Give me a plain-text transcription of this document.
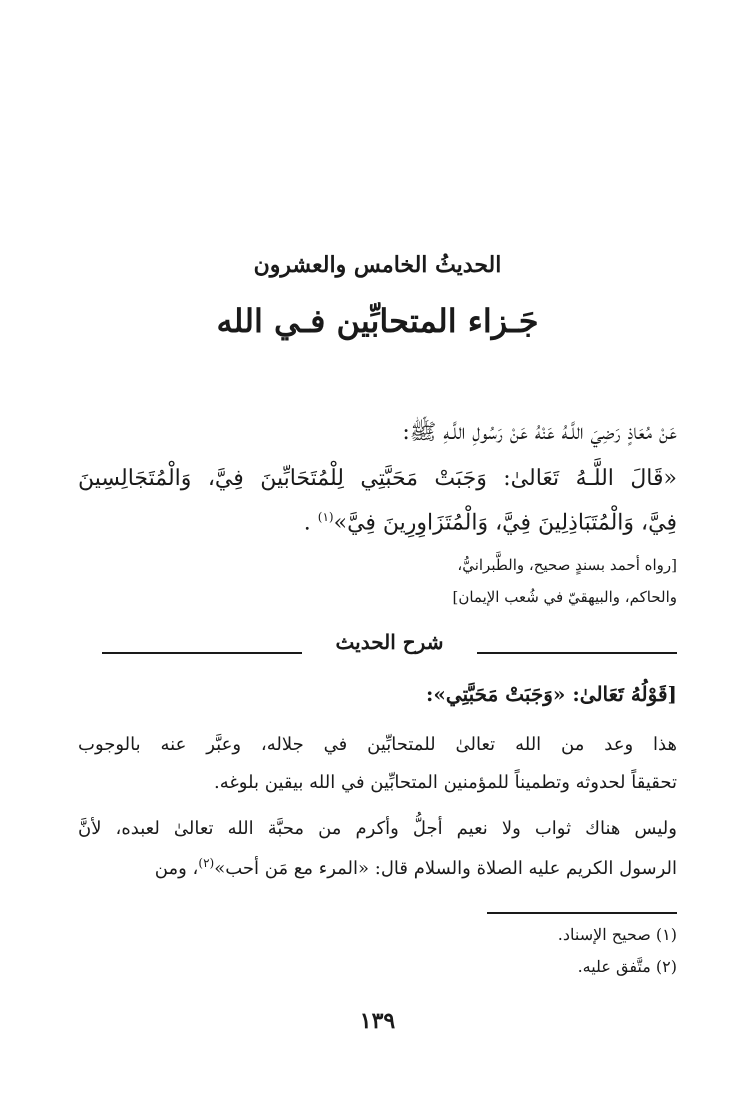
الحديثُ الخامس والعشرون
جَـزاء المتحابِّين فـي الله
عَنْ مُعَاذٍ رَضِيَ اللَّـهُ عَنْهُ عَنْ رَسُولِ اللَّـهِ ﷺ:
«قَالَ اللَّـهُ تَعَالىٰ: وَجَبَتْ مَحَبَّتِي لِلْمُتَحَابِّينَ فِيَّ، وَالْمُتَجَالِسِينَ
فِيَّ، وَالْمُتَبَاذِلِينَ فِيَّ، وَالْمُتَزَاوِرِينَ فِيَّ»$^{(١)}$ .
[رواه أحمد بسندٍ صحيح، والطَّبرانيُّ،
والحاكم، والبيهقيّ في شُعب الإيمان]
شرح الحديث
[قَوْلُهُ تَعَالىٰ: «وَجَبَتْ مَحَبَّتِي»:
هذا وعد من الله تعالىٰ للمتحابِّين في جلاله، وعبَّر عنه بالوجوب
تحقيقاً لحدوثه وتطميناً للمؤمنين المتحابِّين في الله بيقين بلوغه.
وليس هناك ثواب ولا نعيم أجلُّ وأكرم من محبَّة الله تعالىٰ لعبده، لأنَّ
الرسول الكريم عليه الصلاة والسلام قال: «المرء مع مَن أحب»$^{(٢)}$، ومن
(١) صحيح الإسناد.
(٢) متَّفق عليه.
١٣٩
